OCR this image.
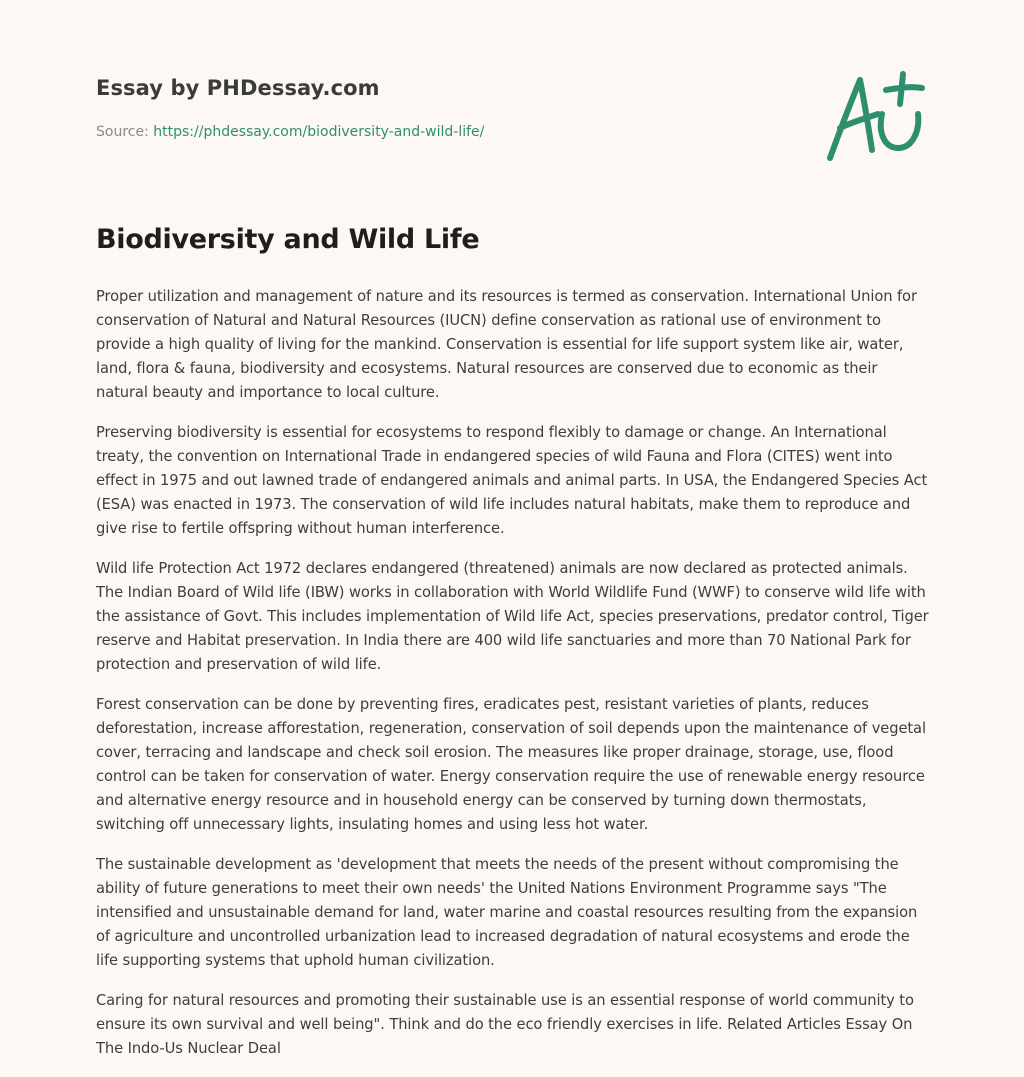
Essay by PHDessay.com

Source: https://phdessay.com/biodiversity-and-wild-life/

Biodiversity and Wild Life

Proper utilization and management of nature and its resources is termed as conservation. International Union for conservation of Natural and Natural Resources (IUCN) define conservation as rational use of environment to provide a high quality of living for the mankind. Conservation is essential for life support system like air, water, land, flora & fauna, biodiversity and ecosystems. Natural resources are conserved due to economic as their natural beauty and importance to local culture.

Preserving biodiversity is essential for ecosystems to respond flexibly to damage or change. An International treaty, the convention on International Trade in endangered species of wild Fauna and Flora (CITES) went into effect in 1975 and out lawned trade of endangered animals and animal parts. In USA, the Endangered Species Act (ESA) was enacted in 1973. The conservation of wild life includes natural habitats, make them to reproduce and give rise to fertile offspring without human interference.

Wild life Protection Act 1972 declares endangered (threatened) animals are now declared as protected animals. The Indian Board of Wild life (IBW) works in collaboration with World Wildlife Fund (WWF) to conserve wild life with the assistance of Govt. This includes implementation of Wild life Act, species preservations, predator control, Tiger reserve and Habitat preservation. In India there are 400 wild life sanctuaries and more than 70 National Park for protection and preservation of wild life.

Forest conservation can be done by preventing fires, eradicates pest, resistant varieties of plants, reduces deforestation, increase afforestation, regeneration, conservation of soil depends upon the maintenance of vegetal cover, terracing and landscape and check soil erosion. The measures like proper drainage, storage, use, flood control can be taken for conservation of water. Energy conservation require the use of renewable energy resource and alternative energy resource and in household energy can be conserved by turning down thermostats, switching off unnecessary lights, insulating homes and using less hot water.

The sustainable development as 'development that meets the needs of the present without compromising the ability of future generations to meet their own needs' the United Nations Environment Programme says "The intensified and unsustainable demand for land, water marine and coastal resources resulting from the expansion of agriculture and uncontrolled urbanization lead to increased degradation of natural ecosystems and erode the life supporting systems that uphold human civilization.

Caring for natural resources and promoting their sustainable use is an essential response of world community to ensure its own survival and well being". Think and do the eco friendly exercises in life. Related Articles Essay On The Indo-Us Nuclear Deal
